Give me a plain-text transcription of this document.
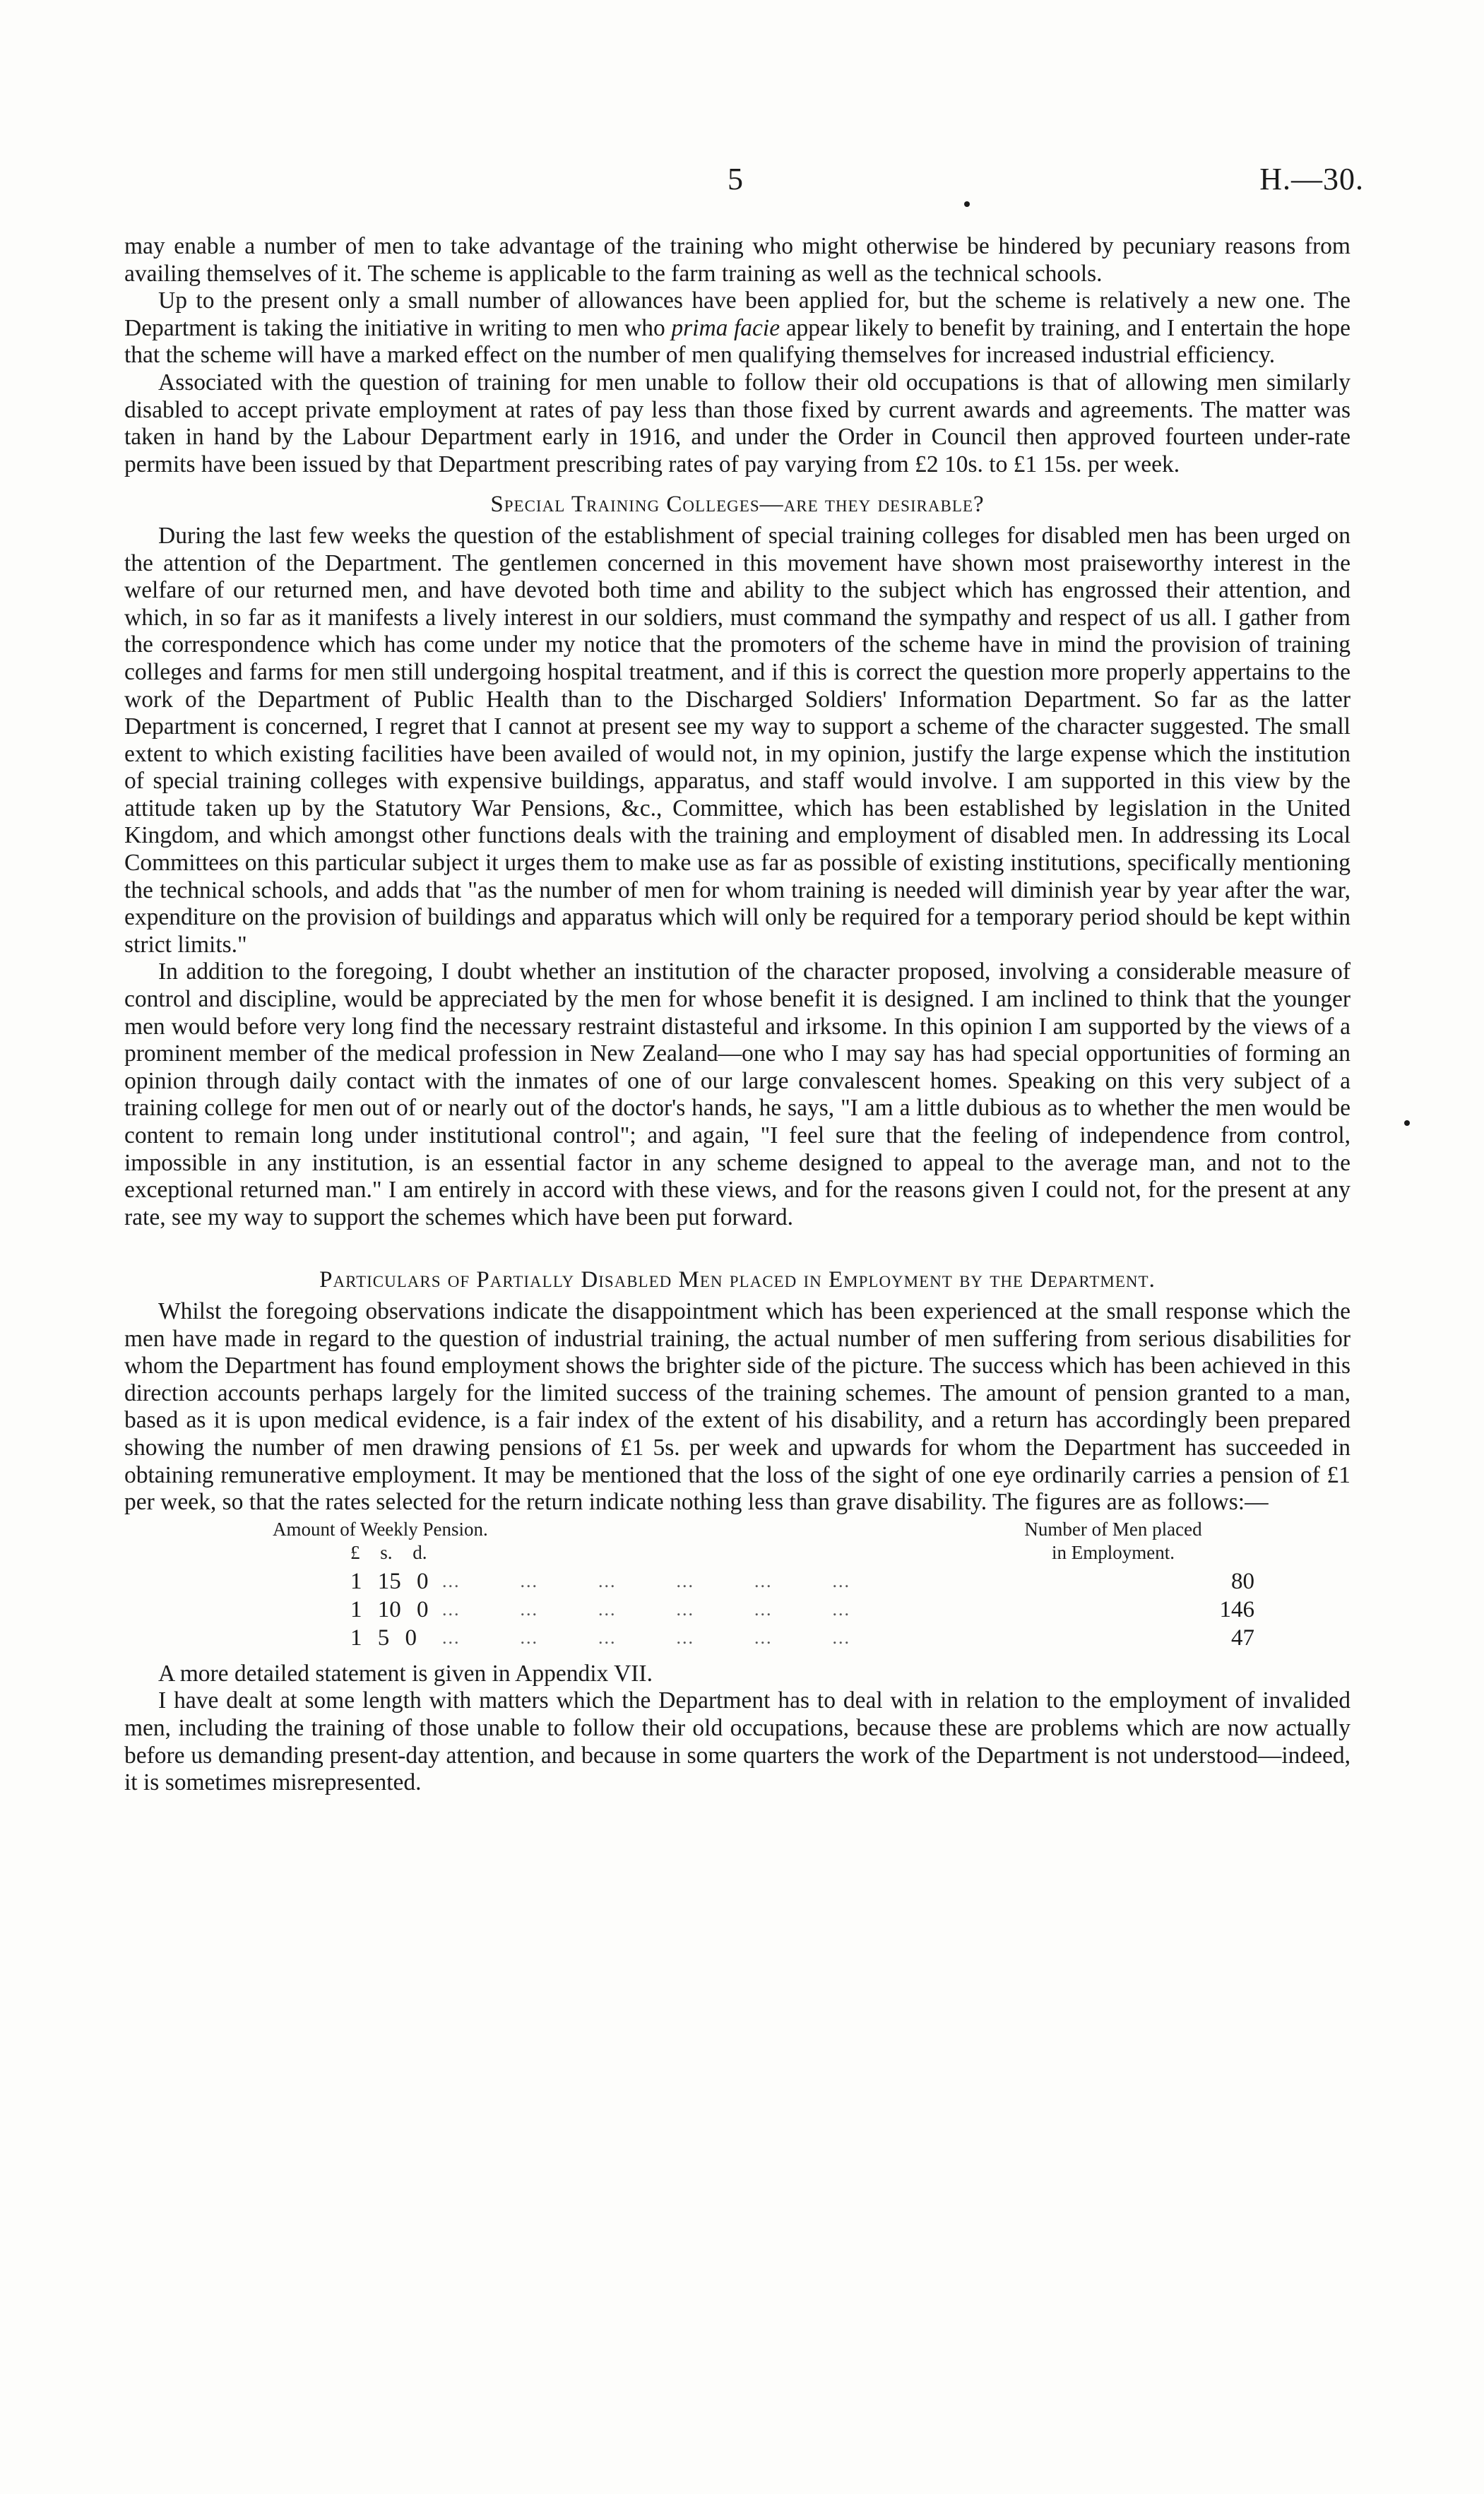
5	H.—30.

may enable a number of men to take advantage of the training who might otherwise be hindered by pecuniary reasons from availing themselves of it. The scheme is applicable to the farm training as well as the technical schools.

Up to the present only a small number of allowances have been applied for, but the scheme is relatively a new one. The Department is taking the initiative in writing to men who prima facie appear likely to benefit by training, and I entertain the hope that the scheme will have a marked effect on the number of men qualifying themselves for increased industrial efficiency.

Associated with the question of training for men unable to follow their old occupations is that of allowing men similarly disabled to accept private employment at rates of pay less than those fixed by current awards and agreements. The matter was taken in hand by the Labour Department early in 1916, and under the Order in Council then approved fourteen under-rate permits have been issued by that Department prescribing rates of pay varying from £2 10s. to £1 15s. per week.

Special Training Colleges—are they desirable?

During the last few weeks the question of the establishment of special training colleges for disabled men has been urged on the attention of the Department. The gentlemen concerned in this movement have shown most praiseworthy interest in the welfare of our returned men, and have devoted both time and ability to the subject which has engrossed their attention, and which, in so far as it manifests a lively interest in our soldiers, must command the sympathy and respect of us all. I gather from the correspondence which has come under my notice that the promoters of the scheme have in mind the provision of training colleges and farms for men still undergoing hospital treatment, and if this is correct the question more properly appertains to the work of the Department of Public Health than to the Discharged Soldiers' Information Department. So far as the latter Department is concerned, I regret that I cannot at present see my way to support a scheme of the character suggested. The small extent to which existing facilities have been availed of would not, in my opinion, justify the large expense which the institution of special training colleges with expensive buildings, apparatus, and staff would involve. I am supported in this view by the attitude taken up by the Statutory War Pensions, &c., Committee, which has been established by legislation in the United Kingdom, and which amongst other functions deals with the training and employment of disabled men. In addressing its Local Committees on this particular subject it urges them to make use as far as possible of existing institutions, specifically mentioning the technical schools, and adds that "as the number of men for whom training is needed will diminish year by year after the war, expenditure on the provision of buildings and apparatus which will only be required for a temporary period should be kept within strict limits."

In addition to the foregoing, I doubt whether an institution of the character proposed, involving a considerable measure of control and discipline, would be appreciated by the men for whose benefit it is designed. I am inclined to think that the younger men would before very long find the necessary restraint distasteful and irksome. In this opinion I am supported by the views of a prominent member of the medical profession in New Zealand—one who I may say has had special opportunities of forming an opinion through daily contact with the inmates of one of our large convalescent homes. Speaking on this very subject of a training college for men out of or nearly out of the doctor's hands, he says, "I am a little dubious as to whether the men would be content to remain long under institutional control"; and again, "I feel sure that the feeling of independence from control, impossible in any institution, is an essential factor in any scheme designed to appeal to the average man, and not to the exceptional returned man." I am entirely in accord with these views, and for the reasons given I could not, for the present at any rate, see my way to support the schemes which have been put forward.

Particulars of Partially Disabled Men placed in Employment by the Department.

Whilst the foregoing observations indicate the disappointment which has been experienced at the small response which the men have made in regard to the question of industrial training, the actual number of men suffering from serious disabilities for whom the Department has found employment shows the brighter side of the picture. The success which has been achieved in this direction accounts perhaps largely for the limited success of the training schemes. The amount of pension granted to a man, based as it is upon medical evidence, is a fair index of the extent of his disability, and a return has accordingly been prepared showing the number of men drawing pensions of £1 5s. per week and upwards for whom the Department has succeeded in obtaining remunerative employment. It may be mentioned that the loss of the sight of one eye ordinarily carries a pension of £1 per week, so that the rates selected for the return indicate nothing less than grave disability. The figures are as follows:—

Amount of Weekly Pension.
£ s. d.
Number of Men placed
in Employment.
1 15 0 ...          ...          ...          ...          ...          ...	80
1 10 0 ...          ...          ...          ...          ...          ...	146
1 5 0 ...          ...          ...          ...          ...          ...	47

A more detailed statement is given in Appendix VII.

I have dealt at some length with matters which the Department has to deal with in relation to the employment of invalided men, including the training of those unable to follow their old occupations, because these are problems which are now actually before us demanding present-day attention, and because in some quarters the work of the Department is not understood—indeed, it is sometimes misrepresented.
